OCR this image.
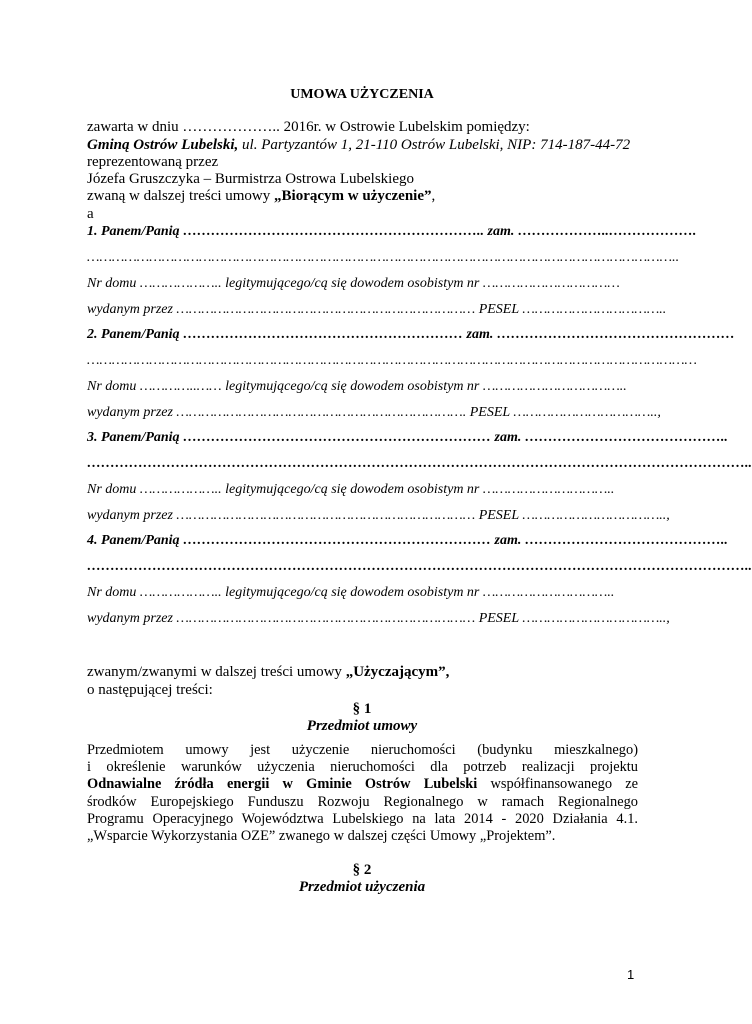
UMOWA UŻYCZENIA
zawarta w dniu ……………….. 2016r. w Ostrowie Lubelskim pomiędzy:
Gminą Ostrów Lubelski, ul. Partyzantów 1, 21-110 Ostrów Lubelski, NIP: 714-187-44-72
reprezentowaną przez
Józefa Gruszczyka – Burmistrza Ostrowa Lubelskiego
zwaną w dalszej treści umowy „Biorącym w użyczenie”,
a
1. Panem/Panią ……………………………………………………….. zam. ………………..……………….
……………………………………………………………………………………………………………………………..
Nr domu ……………….. legitymującego/cą się dowodem osobistym nr ……………………………
wydanym przez ……………………………………………………………… PESEL ……………………………..
2. Panem/Panią …………………………………………………… zam. ……………………………………………
…………………………………………………………………………………………………………………………………
Nr domu …………..…… legitymującego/cą się dowodem osobistym nr ……………………………..
wydanym przez ……………………………………………………………. PESEL ……………………………..,
3. Panem/Panią ………………………………………………………… zam. ……………………………………..
……………………………………………………………………………………………………………………………..
Nr domu ……………….. legitymującego/cą się dowodem osobistym nr …………………………..
wydanym przez ……………………………………………………………… PESEL ……………………………..,
4. Panem/Panią ………………………………………………………… zam. ……………………………………..
……………………………………………………………………………………………………………………………..
Nr domu ……………….. legitymującego/cą się dowodem osobistym nr …………………………..
wydanym przez ……………………………………………………………… PESEL ……………………………..,
zwanym/zwanymi w dalszej treści umowy „Użyczającym”,
o następującej treści:
§ 1
Przedmiot umowy
Przedmiotem umowy jest użyczenie nieruchomości (budynku mieszkalnego)
i określenie warunków użyczenia nieruchomości dla potrzeb realizacji projektu
Odnawialne źródła energii w Gminie Ostrów Lubelski współfinansowanego ze
środków Europejskiego Funduszu Rozwoju Regionalnego w ramach Regionalnego
Programu Operacyjnego Województwa Lubelskiego na lata 2014 - 2020 Działania 4.1.
„Wsparcie Wykorzystania OZE” zwanego w dalszej części Umowy „Projektem”.
§ 2
Przedmiot użyczenia
1
